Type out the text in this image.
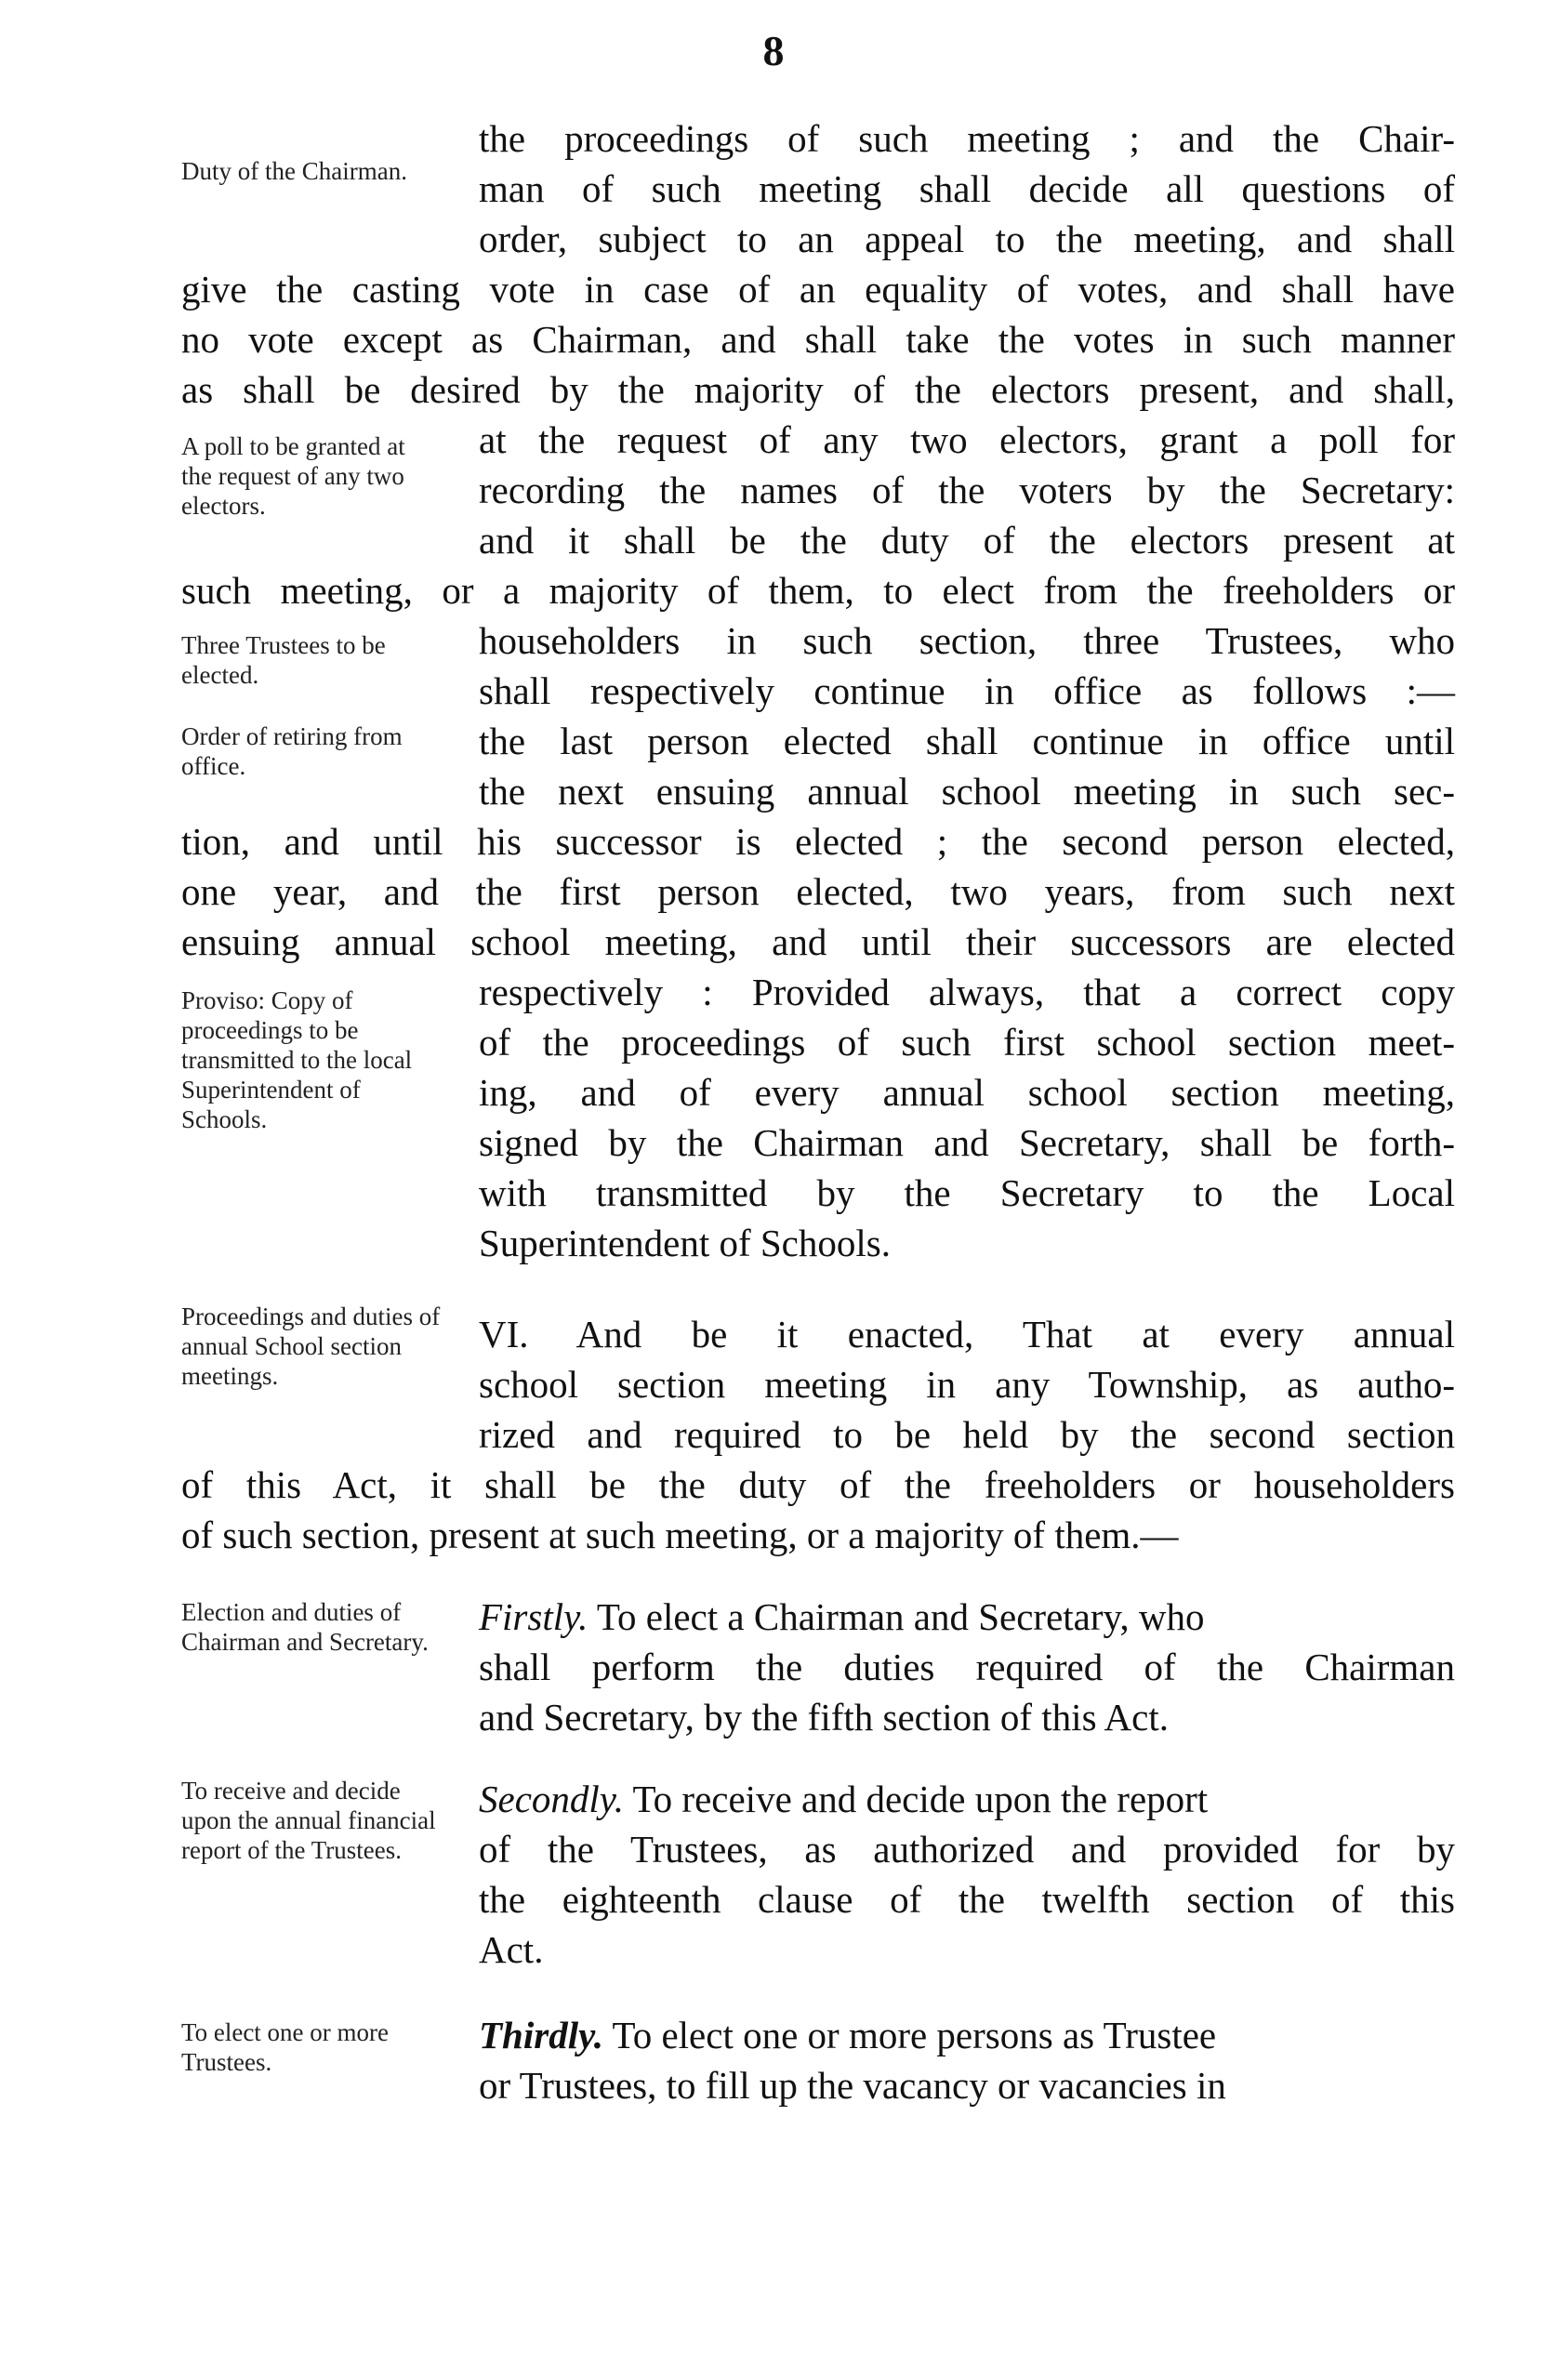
8
Duty of the Chairman.
A poll to be granted at the request of any two electors.
Three Trustees to be elected.
Order of retiring from office.
Proviso: Copy of proceedings to be transmitted to the local Superintendent of Schools.
Proceedings and duties of annual School section meetings.
Election and duties of Chairman and Secretary.
To receive and decide upon the annual financial report of the Trustees.
To elect one or more Trustees.
the proceedings of such meeting ; and the Chair-
man of such meeting shall decide all questions of
order, subject to an appeal to the meeting, and shall
give the casting vote in case of an equality of votes, and shall have
no vote except as Chairman, and shall take the votes in such manner
as shall be desired by the majority of the electors present, and shall,
at the request of any two electors, grant a poll for
recording the names of the voters by the Secretary:
and it shall be the duty of the electors present at
such meeting, or a majority of them, to elect from the freeholders or
householders in such section, three Trustees, who
shall respectively continue in office as follows :—
the last person elected shall continue in office until
the next ensuing annual school meeting in such sec-
tion, and until his successor is elected ; the second person elected,
one year, and the first person elected, two years, from such next
ensuing annual school meeting, and until their successors are elected
respectively : Provided always, that a correct copy
of the proceedings of such first school section meet-
ing, and of every annual school section meeting,
signed by the Chairman and Secretary, shall be forth-
with transmitted by the Secretary to the Local
Superintendent of Schools.
VI. And be it enacted, That at every annual
school section meeting in any Township, as autho-
rized and required to be held by the second section
of this Act, it shall be the duty of the freeholders or householders
of such section, present at such meeting, or a majority of them.—
Firstly. To elect a Chairman and Secretary, who
shall perform the duties required of the Chairman
and Secretary, by the fifth section of this Act.
Secondly. To receive and decide upon the report
of the Trustees, as authorized and provided for by
the eighteenth clause of the twelfth section of this
Act.
Thirdly. To elect one or more persons as Trustee
or Trustees, to fill up the vacancy or vacancies in
